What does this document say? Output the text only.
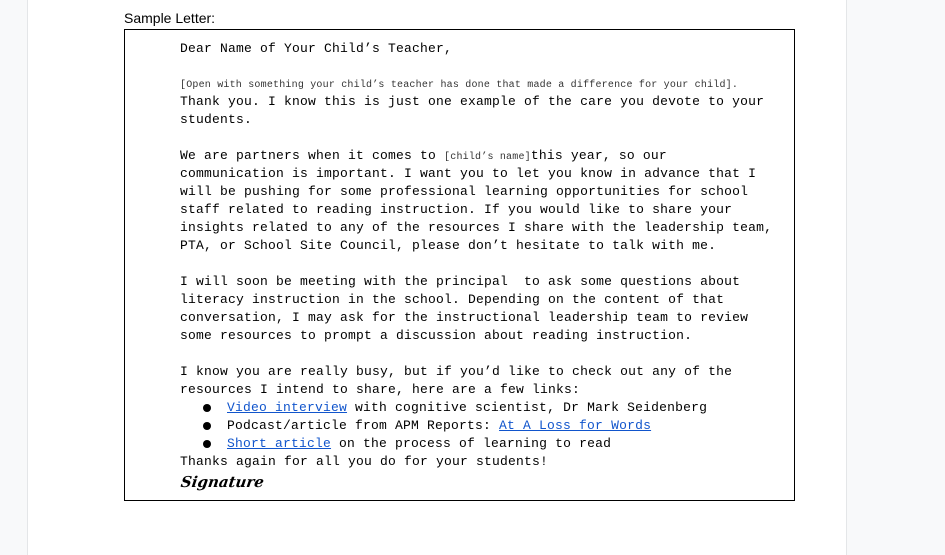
Sample Letter:
Dear Name of Your Child’s Teacher,
[Open with something your child’s teacher has done that made a difference for your child].
Thank you. I know this is just one example of the care you devote to your
students.
We are partners when it comes to [child’s name]this year, so our
communication is important. I want you to let you know in advance that I
will be pushing for some professional learning opportunities for school
staff related to reading instruction. If you would like to share your
insights related to any of the resources I share with the leadership team,
PTA, or School Site Council, please don’t hesitate to talk with me.
I will soon be meeting with the principal  to ask some questions about
literacy instruction in the school. Depending on the content of that
conversation, I may ask for the instructional leadership team to review
some resources to prompt a discussion about reading instruction.
I know you are really busy, but if you’d like to check out any of the
resources I intend to share, here are a few links:
Video interview with cognitive scientist, Dr Mark Seidenberg
Podcast/article from APM Reports: At A Loss for Words
Short article on the process of learning to read
Thanks again for all you do for your students!
Signature
